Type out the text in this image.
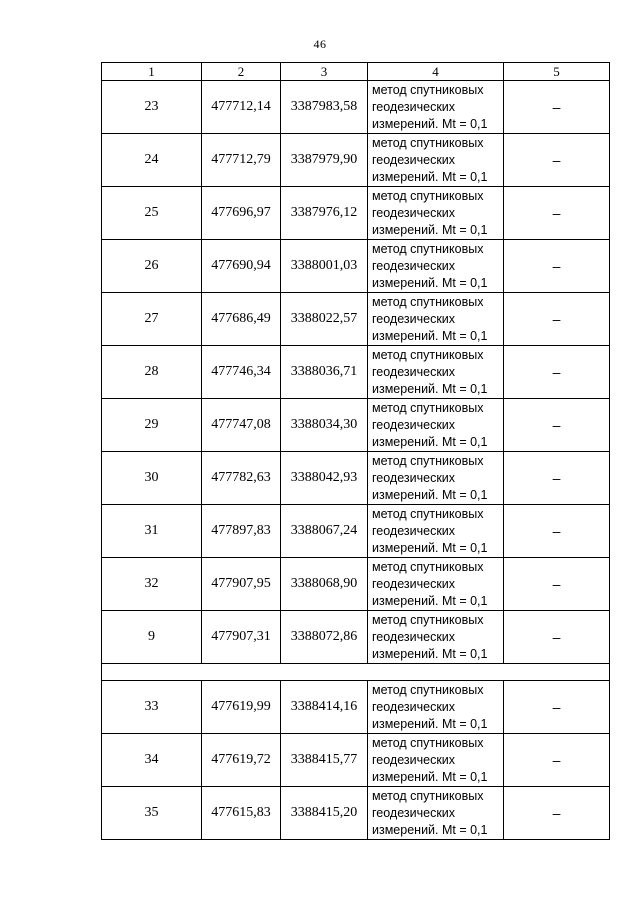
46
1	2	3	4	5
23	477712,14	3387983,58	метод спутниковых геодезических измерений. Mt = 0,1	–
24	477712,79	3387979,90	метод спутниковых геодезических измерений. Mt = 0,1	–
25	477696,97	3387976,12	метод спутниковых геодезических измерений. Mt = 0,1	–
26	477690,94	3388001,03	метод спутниковых геодезических измерений. Mt = 0,1	–
27	477686,49	3388022,57	метод спутниковых геодезических измерений. Mt = 0,1	–
28	477746,34	3388036,71	метод спутниковых геодезических измерений. Mt = 0,1	–
29	477747,08	3388034,30	метод спутниковых геодезических измерений. Mt = 0,1	–
30	477782,63	3388042,93	метод спутниковых геодезических измерений. Mt = 0,1	–
31	477897,83	3388067,24	метод спутниковых геодезических измерений. Mt = 0,1	–
32	477907,95	3388068,90	метод спутниковых геодезических измерений. Mt = 0,1	–
9	477907,31	3388072,86	метод спутниковых геодезических измерений. Mt = 0,1	–

33	477619,99	3388414,16	метод спутниковых геодезических измерений. Mt = 0,1	–
34	477619,72	3388415,77	метод спутниковых геодезических измерений. Mt = 0,1	–
35	477615,83	3388415,20	метод спутниковых геодезических измерений. Mt = 0,1	–
